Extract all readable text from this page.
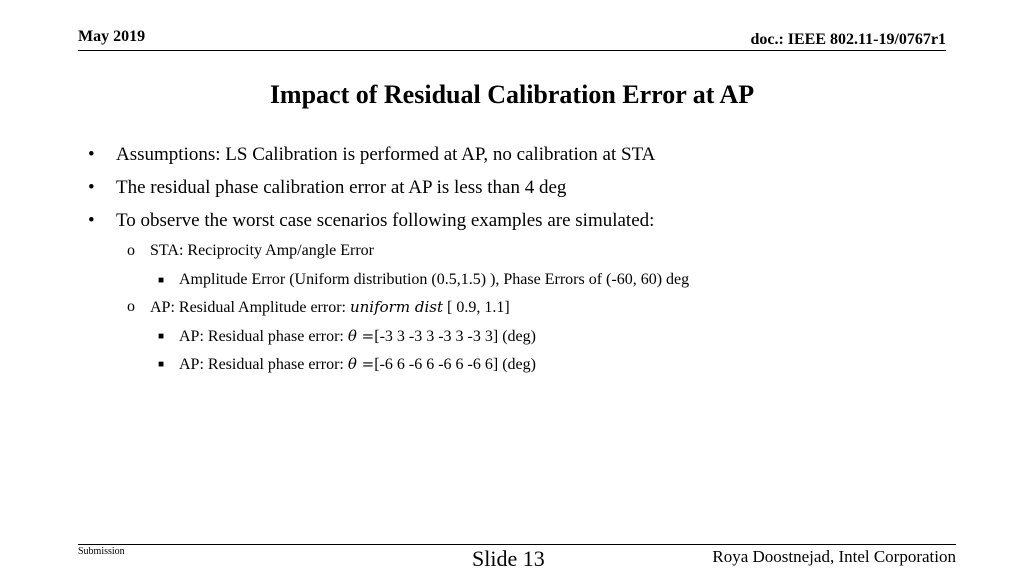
May 2019	doc.: IEEE 802.11-19/0767r1
Impact of Residual Calibration Error at AP
• Assumptions: LS Calibration is performed at AP, no calibration at STA
• The residual phase calibration error at AP is less than 4 deg
• To observe the worst case scenarios following examples are simulated:
o STA: Reciprocity Amp/angle Error
■ Amplitude Error (Uniform distribution (0.5,1.5) ), Phase Errors of (-60, 60) deg
o AP: Residual Amplitude error: uniform dist [ 0.9, 1.1]
■ AP: Residual phase error: θ =[-3 3 -3 3 -3 3 -3 3] (deg)
■ AP: Residual phase error: θ =[-6 6 -6 6 -6 6 -6 6] (deg)
Submission	Slide 13	Roya Doostnejad, Intel Corporation
